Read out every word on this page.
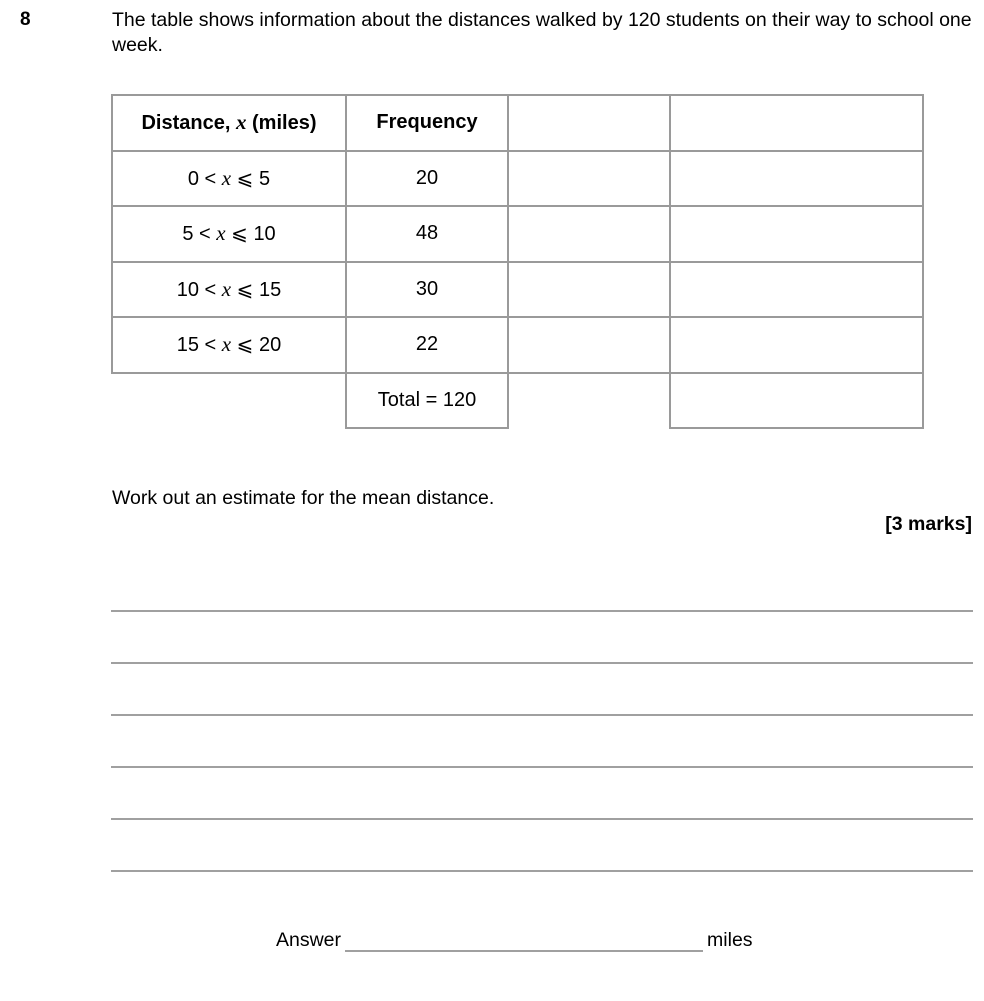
8	The table shows information about the distances walked by 120 students on their way to school one week.
Distance, x (miles)	Frequency		
0 < x ⩽ 5	20		
5 < x ⩽ 10	48		
10 < x ⩽ 15	30		
15 < x ⩽ 20	22		
	Total = 120		
Work out an estimate for the mean distance.
[3 marks]
Answer	miles
